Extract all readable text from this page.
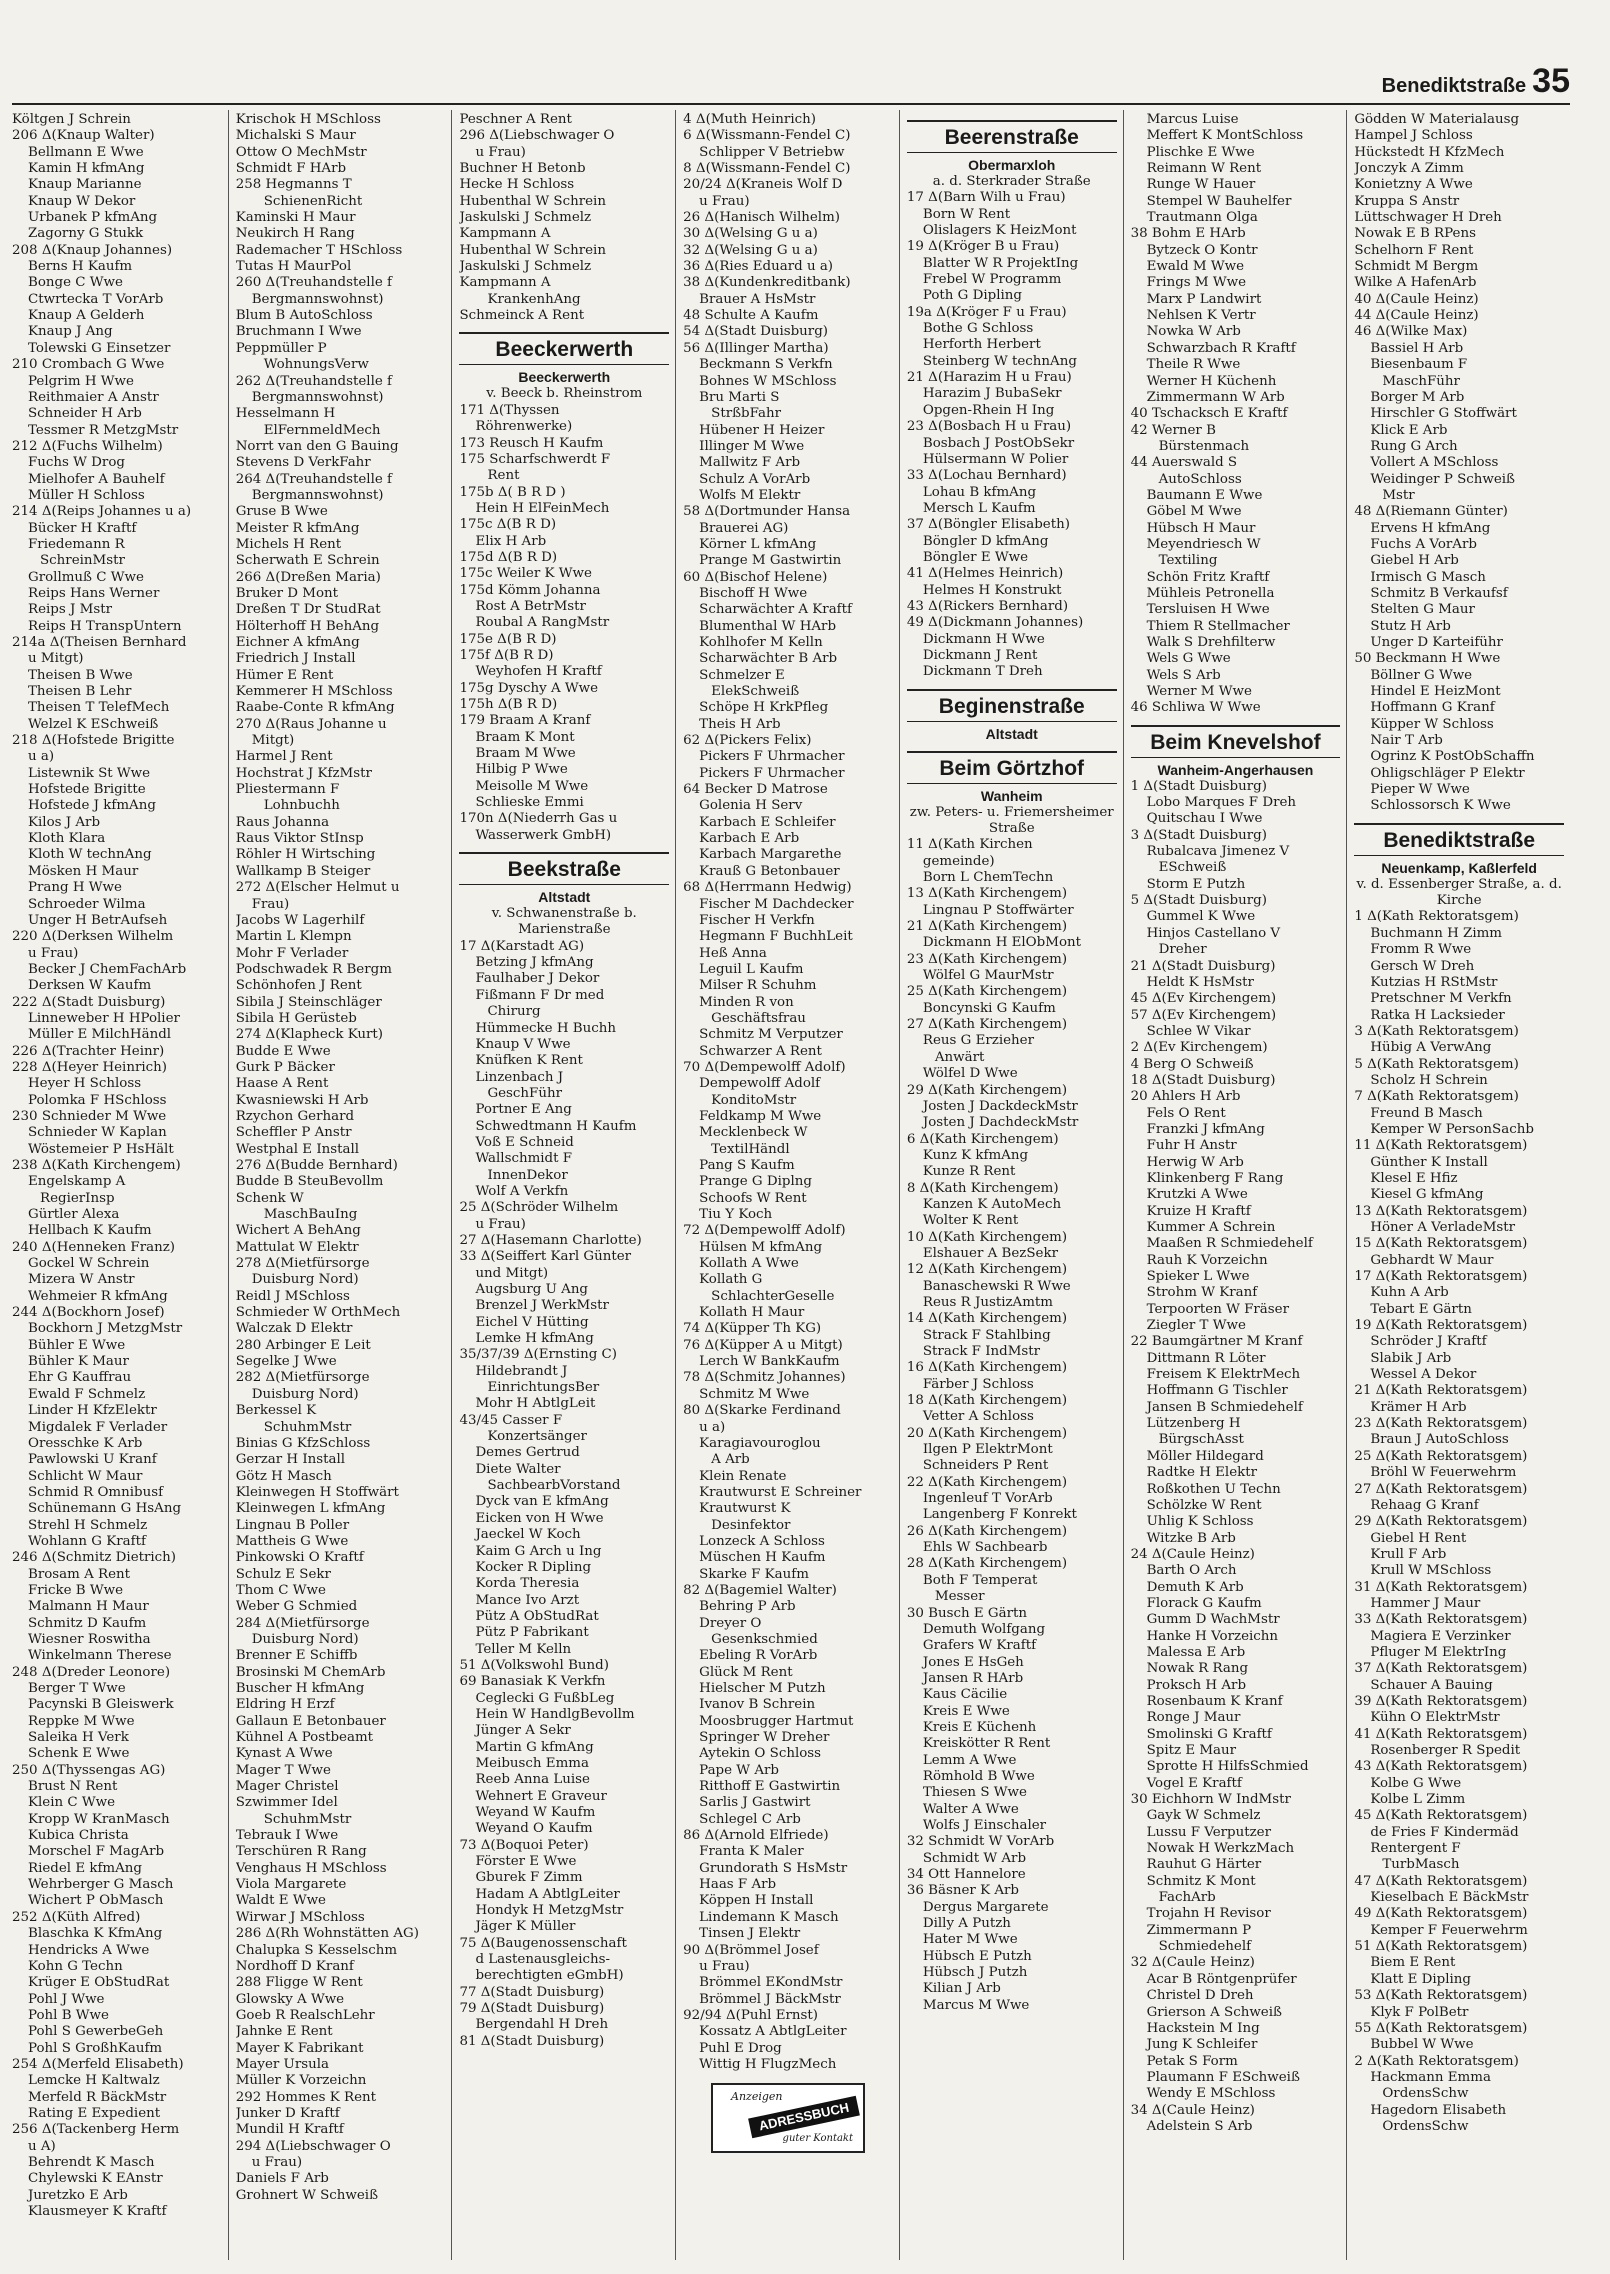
Benediktstraße 35
Költgen J Schrein
206 Δ(Knaup Walter)
Bellmann E Wwe
Kamin H kfmAng
Knaup Marianne
Knaup W Dekor
Urbanek P kfmAng
Zagorny G Stukk
208 Δ(Knaup Johannes)
Berns H Kaufm
Bonge C Wwe
Ctwrtecka T VorArb
Knaup A Gelderh
Knaup J Ang
Tolewski G Einsetzer
210 Crombach G Wwe
Pelgrim H Wwe
Reithmaier A Anstr
Schneider H Arb
Tessmer R MetzgMstr
212 Δ(Fuchs Wilhelm)
Fuchs W Drog
Mielhofer A Bauhelf
Müller H Schloss
214 Δ(Reips Johannes u a)
Bücker H Kraftf
Friedemann R
SchreinMstr
Grollmuß C Wwe
Reips Hans Werner
Reips J Mstr
Reips H TranspUntern
214a Δ(Theisen Bernhard
u Mitgt)
Theisen B Wwe
Theisen B Lehr
Theisen T TelefMech
Welzel K ESchweiß
218 Δ(Hofstede Brigitte
u a)
Listewnik St Wwe
Hofstede Brigitte
Hofstede J kfmAng
Kilos J Arb
Kloth Klara
Kloth W technAng
Mösken H Maur
Prang H Wwe
Schroeder Wilma
Unger H BetrAufseh
220 Δ(Derksen Wilhelm
u Frau)
Becker J ChemFachArb
Derksen W Kaufm
222 Δ(Stadt Duisburg)
Linneweber H HPolier
Müller E MilchHändl
226 Δ(Trachter Heinr)
228 Δ(Heyer Heinrich)
Heyer H Schloss
Polomka F HSchloss
230 Schnieder M Wwe
Schnieder W Kaplan
Wöstemeier P HsHält
238 Δ(Kath Kirchengem)
Engelskamp A
RegierInsp
Gürtler Alexa
Hellbach K Kaufm
240 Δ(Henneken Franz)
Gockel W Schrein
Mizera W Anstr
Wehmeier R kfmAng
244 Δ(Bockhorn Josef)
Bockhorn J MetzgMstr
Bühler E Wwe
Bühler K Maur
Ehr G Kauffrau
Ewald F Schmelz
Linder H KfzElektr
Migdalek F Verlader
Oresschke K Arb
Pawlowski U Kranf
Schlicht W Maur
Schmid R Omnibusf
Schünemann G HsAng
Strehl H Schmelz
Wohlann G Kraftf
246 Δ(Schmitz Dietrich)
Brosam A Rent
Fricke B Wwe
Malmann H Maur
Schmitz D Kaufm
Wiesner Roswitha
Winkelmann Therese
248 Δ(Dreder Leonore)
Berger T Wwe
Pacynski B Gleiswerk
Reppke M Wwe
Saleika H Verk
Schenk E Wwe
250 Δ(Thyssengas AG)
Brust N Rent
Klein C Wwe
Kropp W KranMasch
Kubica Christa
Morschel F MagArb
Riedel E kfmAng
Wehrberger G Masch
Wichert P ObMasch
252 Δ(Küth Alfred)
Blaschka K KfmAng
Hendricks A Wwe
Kohn G Techn
Krüger E ObStudRat
Pohl J Wwe
Pohl B Wwe
Pohl S GewerbeGeh
Pohl S GroßhKaufm
254 Δ(Merfeld Elisabeth)
Lemcke H Kaltwalz
Merfeld R BäckMstr
Rating E Expedient
256 Δ(Tackenberg Herm
u A)
Behrendt K Masch
Chylewski K EAnstr
Juretzko E Arb
Klausmeyer K Kraftf
Krischok H MSchloss
Michalski S Maur
Ottow O MechMstr
Schmidt F HArb
258 Hegmanns T
SchienenRicht
Kaminski H Maur
Neukirch H Rang
Rademacher T HSchloss
Tutas H MaurPol
260 Δ(Treuhandstelle f
Bergmannswohnst)
Blum B AutoSchloss
Bruchmann I Wwe
Peppmüller P
WohnungsVerw
262 Δ(Treuhandstelle f
Bergmannswohnst)
Hesselmann H
ElFernmeldMech
Norrt van den G Bauing
Stevens D VerkFahr
264 Δ(Treuhandstelle f
Bergmannswohnst)
Gruse B Wwe
Meister R kfmAng
Michels H Rent
Scherwath E Schrein
266 Δ(Dreßen Maria)
Bruker D Mont
Dreßen T Dr StudRat
Hölterhoff H BehAng
Eichner A kfmAng
Friedrich J Install
Hümer E Rent
Kemmerer H MSchloss
Raabe-Conte R kfmAng
270 Δ(Raus Johanne u
Mitgt)
Harmel J Rent
Hochstrat J KfzMstr
Pliestermann F
Lohnbuchh
Raus Johanna
Raus Viktor StInsp
Röhler H Wirtsching
Wallkamp B Steiger
272 Δ(Elscher Helmut u
Frau)
Jacobs W Lagerhilf
Martin L Klempn
Mohr F Verlader
Podschwadek R Bergm
Schönhofen J Rent
Sibila J Steinschläger
Sibila H Gerüsteb
274 Δ(Klapheck Kurt)
Budde E Wwe
Gurk P Bäcker
Haase A Rent
Kwasniewski H Arb
Rzychon Gerhard
Scheffler P Anstr
Westphal E Install
276 Δ(Budde Bernhard)
Budde B SteuBevollm
Schenk W
MaschBauIng
Wichert A BehAng
Mattulat W Elektr
278 Δ(Mietfürsorge
Duisburg Nord)
Reidl J MSchloss
Schmieder W OrthMech
Walczak D Elektr
280 Arbinger E Leit
Segelke J Wwe
282 Δ(Mietfürsorge
Duisburg Nord)
Berkessel K
SchuhmMstr
Binias G KfzSchloss
Gerzar H Install
Götz H Masch
Kleinwegen H Stoffwärt
Kleinwegen L kfmAng
Lingnau B Poller
Mattheis G Wwe
Pinkowski O Kraftf
Schulz E Sekr
Thom C Wwe
Weber G Schmied
284 Δ(Mietfürsorge
Duisburg Nord)
Brenner E Schiffb
Brosinski M ChemArb
Buscher H kfmAng
Eldring H Erzf
Gallaun E Betonbauer
Kühnel A Postbeamt
Kynast A Wwe
Mager T Wwe
Mager Christel
Szwimmer Idel
SchuhmMstr
Tebrauk I Wwe
Terschüren R Rang
Venghaus H MSchloss
Viola Margarete
Waldt E Wwe
Wirwar J MSchloss
286 Δ(Rh Wohnstätten AG)
Chalupka S Kesselschm
Nordhoff D Kranf
288 Fligge W Rent
Glowsky A Wwe
Goeb R RealschLehr
Jahnke E Rent
Mayer K Fabrikant
Mayer Ursula
Müller K Vorzeichn
292 Hommes K Rent
Junker D Kraftf
Mundil H Kraftf
294 Δ(Liebschwager O
u Frau)
Daniels F Arb
Grohnert W Schweiß
Peschner A Rent
296 Δ(Liebschwager O
u Frau)
Buchner H Betonb
Hecke H Schloss
Hubenthal W Schrein
Jaskulski J Schmelz
Kampmann A
Hubenthal W Schrein
Jaskulski J Schmelz
Kampmann A
KrankenhAng
Schmeinck A Rent
Beeckerwerth
Beeckerwerth
v. Beeck b. Rheinstrom
171 Δ(Thyssen
Röhrenwerke)
173 Reusch H Kaufm
175 Scharfschwerdt F
Rent
175b Δ( B R D )
Hein H ElFeinMech
175c Δ(B R D)
Elix H Arb
175d Δ(B R D)
175c Weiler K Wwe
175d Kömm Johanna
Rost A BetrMstr
Roubal A RangMstr
175e Δ(B R D)
175f Δ(B R D)
Weyhofen H Kraftf
175g Dyschy A Wwe
175h Δ(B R D)
179 Braam A Kranf
Braam K Mont
Braam M Wwe
Hilbig P Wwe
Meisolle M Wwe
Schlieske Emmi
170n Δ(Niederrh Gas u
Wasserwerk GmbH)
Beekstraße
Altstadt
v. Schwanenstraße b. Marienstraße
17 Δ(Karstadt AG)
Betzing J kfmAng
Faulhaber J Dekor
Fißmann F Dr med
Chirurg
Hümmecke H Buchh
Knaup V Wwe
Knüfken K Rent
Linzenbach J
GeschFühr
Portner E Ang
Schwedtmann H Kaufm
Voß E Schneid
Wallschmidt F
InnenDekor
Wolf A Verkfn
25 Δ(Schröder Wilhelm
u Frau)
27 Δ(Hasemann Charlotte)
33 Δ(Seiffert Karl Günter
und Mitgt)
Augsburg U Ang
Brenzel J WerkMstr
Eichel V Hütting
Lemke H kfmAng
35/37/39 Δ(Ernsting C)
Hildebrandt J
EinrichtungsBer
Mohr H AbtlgLeit
43/45 Casser F
Konzertsänger
Demes Gertrud
Diete Walter
SachbearbVorstand
Dyck van E kfmAng
Eicken von H Wwe
Jaeckel W Koch
Kaim G Arch u Ing
Kocker R Dipling
Korda Theresia
Mance Ivo Arzt
Pütz A ObStudRat
Pütz P Fabrikant
Teller M Kelln
51 Δ(Volkswohl Bund)
69 Banasiak K Verkfn
Ceglecki G FußbLeg
Hein W HandlgBevollm
Jünger A Sekr
Martin G kfmAng
Meibusch Emma
Reeb Anna Luise
Wehnert E Graveur
Weyand W Kaufm
Weyand O Kaufm
73 Δ(Boquoi Peter)
Förster E Wwe
Gburek F Zimm
Hadam A AbtlgLeiter
Hondyk H MetzgMstr
Jäger K Müller
75 Δ(Baugenossenschaft
d Lastenausgleichs-
berechtigten eGmbH)
77 Δ(Stadt Duisburg)
79 Δ(Stadt Duisburg)
Bergendahl H Dreh
81 Δ(Stadt Duisburg)
4 Δ(Muth Heinrich)
6 Δ(Wissmann-Fendel C)
Schlipper V Betriebw
8 Δ(Wissmann-Fendel C)
20/24 Δ(Kraneis Wolf D
u Frau)
26 Δ(Hanisch Wilhelm)
30 Δ(Welsing G u a)
32 Δ(Welsing G u a)
36 Δ(Ries Eduard u a)
38 Δ(Kundenkreditbank)
Brauer A HsMstr
48 Schulte A Kaufm
54 Δ(Stadt Duisburg)
56 Δ(Illinger Martha)
Beckmann S Verkfn
Bohnes W MSchloss
Bru Marti S
StrßbFahr
Hübener H Heizer
Illinger M Wwe
Mallwitz F Arb
Schulz A VorArb
Wolfs M Elektr
58 Δ(Dortmunder Hansa
Brauerei AG)
Körner L kfmAng
Prange M Gastwirtin
60 Δ(Bischof Helene)
Bischoff H Wwe
Scharwächter A Kraftf
Blumenthal W HArb
Kohlhofer M Kelln
Scharwächter B Arb
Schmelzer E
ElekSchweiß
Schöpe H KrkPfleg
Theis H Arb
62 Δ(Pickers Felix)
Pickers F Uhrmacher
Pickers F Uhrmacher
64 Becker D Matrose
Golenia H Serv
Karbach E Schleifer
Karbach E Arb
Karbach Margarethe
Krauß G Betonbauer
68 Δ(Herrmann Hedwig)
Fischer M Dachdecker
Fischer H Verkfn
Hegmann F BuchhLeit
Heß Anna
Leguil L Kaufm
Milser R Schuhm
Minden R von
Geschäftsfrau
Schmitz M Verputzer
Schwarzer A Rent
70 Δ(Dempewolff Adolf)
Dempewolff Adolf
KonditoMstr
Feldkamp M Wwe
Mecklenbeck W
TextilHändl
Pang S Kaufm
Prange G Diplng
Schoofs W Rent
Tiu Y Koch
72 Δ(Dempewolff Adolf)
Hülsen M kfmAng
Kollath A Wwe
Kollath G
SchlachterGeselle
Kollath H Maur
74 Δ(Küpper Th KG)
76 Δ(Küpper A u Mitgt)
Lerch W BankKaufm
78 Δ(Schmitz Johannes)
Schmitz M Wwe
80 Δ(Skarke Ferdinand
u a)
Karagiavouroglou
A Arb
Klein Renate
Krautwurst E Schreiner
Krautwurst K
Desinfektor
Lonzeck A Schloss
Müschen H Kaufm
Skarke F Kaufm
82 Δ(Bagemiel Walter)
Behring P Arb
Dreyer O
Gesenkschmied
Ebeling R VorArb
Glück M Rent
Hielscher M Putzh
Ivanov B Schrein
Moosbrugger Hartmut
Springer W Dreher
Aytekin O Schloss
Pape W Arb
Ritthoff E Gastwirtin
Sarlis J Gastwirt
Schlegel C Arb
86 Δ(Arnold Elfriede)
Franta K Maler
Grundorath S HsMstr
Haas F Arb
Köppen H Install
Lindemann K Masch
Tinsen J Elektr
90 Δ(Brömmel Josef
u Frau)
Brömmel EKondMstr
Brömmel J BäckMstr
92/94 Δ(Puhl Ernst)
Kossatz A AbtlgLeiter
Puhl E Drog
Wittig H FlugzMech
Anzeigen
ADRESSBUCH
guter Kontakt
Beerenstraße
Obermarxloh
a. d. Sterkrader Straße
17 Δ(Barn Wilh u Frau)
Born W Rent
Olislagers K HeizMont
19 Δ(Kröger B u Frau)
Blatter W R ProjektIng
Frebel W Programm
Poth G Dipling
19a Δ(Kröger F u Frau)
Bothe G Schloss
Herforth Herbert
Steinberg W technAng
21 Δ(Harazim H u Frau)
Harazim J BubaSekr
Opgen-Rhein H Ing
23 Δ(Bosbach H u Frau)
Bosbach J PostObSekr
Hülsermann W Polier
33 Δ(Lochau Bernhard)
Lohau B kfmAng
Mersch L Kaufm
37 Δ(Böngler Elisabeth)
Böngler D kfmAng
Böngler E Wwe
41 Δ(Helmes Heinrich)
Helmes H Konstrukt
43 Δ(Rickers Bernhard)
49 Δ(Dickmann Johannes)
Dickmann H Wwe
Dickmann J Rent
Dickmann T Dreh
Beginenstraße
Altstadt
Beim Görtzhof
Wanheim
zw. Peters- u. Friemersheimer Straße
11 Δ(Kath Kirchen
gemeinde)
Born L ChemTechn
13 Δ(Kath Kirchengem)
Lingnau P Stoffwärter
21 Δ(Kath Kirchengem)
Dickmann H ElObMont
23 Δ(Kath Kirchengem)
Wölfel G MaurMstr
25 Δ(Kath Kirchengem)
Boncynski G Kaufm
27 Δ(Kath Kirchengem)
Reus G Erzieher
Anwärt
Wölfel D Wwe
29 Δ(Kath Kirchengem)
Josten J DackdeckMstr
Josten J DachdeckMstr
6 Δ(Kath Kirchengem)
Kunz K kfmAng
Kunze R Rent
8 Δ(Kath Kirchengem)
Kanzen K AutoMech
Wolter K Rent
10 Δ(Kath Kirchengem)
Elshauer A BezSekr
12 Δ(Kath Kirchengem)
Banaschewski R Wwe
Reus R JustizAmtm
14 Δ(Kath Kirchengem)
Strack F Stahlbing
Strack F IndMstr
16 Δ(Kath Kirchengem)
Färber J Schloss
18 Δ(Kath Kirchengem)
Vetter A Schloss
20 Δ(Kath Kirchengem)
Ilgen P ElektrMont
Schneiders P Rent
22 Δ(Kath Kirchengem)
Ingenleuf T VorArb
Langenberg F Konrekt
26 Δ(Kath Kirchengem)
Ehls W Sachbearb
28 Δ(Kath Kirchengem)
Both F Temperat
Messer
30 Busch E Gärtn
Demuth Wolfgang
Grafers W Kraftf
Jones E HsGeh
Jansen R HArb
Kaus Cäcilie
Kreis E Wwe
Kreis E Küchenh
Kreiskötter R Rent
Lemm A Wwe
Römhold B Wwe
Thiesen S Wwe
Walter A Wwe
Wolfs J Einschaler
32 Schmidt W VorArb
Schmidt W Arb
34 Ott Hannelore
36 Bäsner K Arb
Dergus Margarete
Dilly A Putzh
Hater M Wwe
Hübsch E Putzh
Hübsch J Putzh
Kilian J Arb
Marcus M Wwe
Marcus Luise
Meffert K MontSchloss
Plischke E Wwe
Reimann W Rent
Runge W Hauer
Stempel W Bauhelfer
Trautmann Olga
38 Bohm E HArb
Bytzeck O Kontr
Ewald M Wwe
Frings M Wwe
Marx P Landwirt
Nehlsen K Vertr
Nowka W Arb
Schwarzbach R Kraftf
Theile R Wwe
Werner H Küchenh
Zimmermann W Arb
40 Tschacksch E Kraftf
42 Werner B
Bürstenmach
44 Auerswald S
AutoSchloss
Baumann E Wwe
Göbel M Wwe
Hübsch H Maur
Meyendriesch W
Textiling
Schön Fritz Kraftf
Mühleis Petronella
Tersluisen H Wwe
Thiem R Stellmacher
Walk S Drehfilterw
Wels G Wwe
Wels S Arb
Werner M Wwe
46 Schliwa W Wwe
Beim Knevelshof
Wanheim-Angerhausen
1 Δ(Stadt Duisburg)
Lobo Marques F Dreh
Quitschau I Wwe
3 Δ(Stadt Duisburg)
Rubalcava Jimenez V
ESchweiß
Storm E Putzh
5 Δ(Stadt Duisburg)
Gummel K Wwe
Hinjos Castellano V
Dreher
21 Δ(Stadt Duisburg)
Heldt K HsMstr
45 Δ(Ev Kirchengem)
57 Δ(Ev Kirchengem)
Schlee W Vikar
2 Δ(Ev Kirchengem)
4 Berg O Schweiß
18 Δ(Stadt Duisburg)
20 Ahlers H Arb
Fels O Rent
Franzki J kfmAng
Fuhr H Anstr
Herwig W Arb
Klinkenberg F Rang
Krutzki A Wwe
Kruize H Kraftf
Kummer A Schrein
Maaßen R Schmiedehelf
Rauh K Vorzeichn
Spieker L Wwe
Strohm W Kranf
Terpoorten W Fräser
Ziegler T Wwe
22 Baumgärtner M Kranf
Dittmann R Löter
Freisem K ElektrMech
Hoffmann G Tischler
Jansen B Schmiedehelf
Lützenberg H
BürgschAsst
Möller Hildegard
Radtke H Elektr
Roßkothen U Techn
Schölzke W Rent
Uhlig K Schloss
Witzke B Arb
24 Δ(Caule Heinz)
Barth O Arch
Demuth K Arb
Florack G Kaufm
Gumm D WachMstr
Hanke H Vorzeichn
Malessa E Arb
Nowak R Rang
Proksch H Arb
Rosenbaum K Kranf
Ronge J Maur
Smolinski G Kraftf
Spitz E Maur
Sprotte H HilfsSchmied
Vogel E Kraftf
30 Eichhorn W IndMstr
Gayk W Schmelz
Lussu F Verputzer
Nowak H WerkzMach
Rauhut G Härter
Schmitz K Mont
FachArb
Trojahn H Revisor
Zimmermann P
Schmiedehelf
32 Δ(Caule Heinz)
Acar B Röntgenprüfer
Christel D Dreh
Grierson A Schweiß
Hackstein M Ing
Jung K Schleifer
Petak S Form
Plaumann F ESchweiß
Wendy E MSchloss
34 Δ(Caule Heinz)
Adelstein S Arb
Gödden W Materialausg
Hampel J Schloss
Hückstedt H KfzMech
Jonczyk A Zimm
Konietzny A Wwe
Kruppa S Anstr
Lüttschwager H Dreh
Nowak E B RPens
Schelhorn F Rent
Schmidt M Bergm
Wilke A HafenArb
40 Δ(Caule Heinz)
44 Δ(Caule Heinz)
46 Δ(Wilke Max)
Bassiel H Arb
Biesenbaum F
MaschFühr
Borger M Arb
Hirschler G Stoffwärt
Klick E Arb
Rung G Arch
Vollert A MSchloss
Weidinger P Schweiß
Mstr
48 Δ(Riemann Günter)
Ervens H kfmAng
Fuchs A VorArb
Giebel H Arb
Irmisch G Masch
Schmitz B Verkaufsf
Stelten G Maur
Stutz H Arb
Unger D Karteiführ
50 Beckmann H Wwe
Böllner G Wwe
Hindel E HeizMont
Hoffmann G Kranf
Küpper W Schloss
Nair T Arb
Ogrinz K PostObSchaffn
Ohligschläger P Elektr
Pieper W Wwe
Schlossorsch K Wwe
Benediktstraße
Neuenkamp, Kaßlerfeld
v. d. Essenberger Straße, a. d. Kirche
1 Δ(Kath Rektoratsgem)
Buchmann H Zimm
Fromm R Wwe
Gersch W Dreh
Kutzias H RStMstr
Pretschner M Verkfn
Ratka H Lacksieder
3 Δ(Kath Rektoratsgem)
Hübig A VerwAng
5 Δ(Kath Rektoratsgem)
Scholz H Schrein
7 Δ(Kath Rektoratsgem)
Freund B Masch
Kemper W PersonSachb
11 Δ(Kath Rektoratsgem)
Günther K Install
Klesel E Hfiz
Kiesel G kfmAng
13 Δ(Kath Rektoratsgem)
Höner A VerladeMstr
15 Δ(Kath Rektoratsgem)
Gebhardt W Maur
17 Δ(Kath Rektoratsgem)
Kuhn A Arb
Tebart E Gärtn
19 Δ(Kath Rektoratsgem)
Schröder J Kraftf
Slabik J Arb
Wessel A Dekor
21 Δ(Kath Rektoratsgem)
Krämer H Arb
23 Δ(Kath Rektoratsgem)
Braun J AutoSchloss
25 Δ(Kath Rektoratsgem)
Bröhl W Feuerwehrm
27 Δ(Kath Rektoratsgem)
Rehaag G Kranf
29 Δ(Kath Rektoratsgem)
Giebel H Rent
Krull F Arb
Krull W MSchloss
31 Δ(Kath Rektoratsgem)
Hammer J Maur
33 Δ(Kath Rektoratsgem)
Magiera E Verzinker
Pfluger M ElektrIng
37 Δ(Kath Rektoratsgem)
Schauer A Bauing
39 Δ(Kath Rektoratsgem)
Kühn O ElektrMstr
41 Δ(Kath Rektoratsgem)
Rosenberger R Spedit
43 Δ(Kath Rektoratsgem)
Kolbe G Wwe
Kolbe L Zimm
45 Δ(Kath Rektoratsgem)
de Fries F Kindermäd
Rentergent F
TurbMasch
47 Δ(Kath Rektoratsgem)
Kieselbach E BäckMstr
49 Δ(Kath Rektoratsgem)
Kemper F Feuerwehrm
51 Δ(Kath Rektoratsgem)
Biem E Rent
Klatt E Dipling
53 Δ(Kath Rektoratsgem)
Klyk F PolBetr
55 Δ(Kath Rektoratsgem)
Bubbel W Wwe
2 Δ(Kath Rektoratsgem)
Hackmann Emma
OrdensSchw
Hagedorn Elisabeth
OrdensSchw
